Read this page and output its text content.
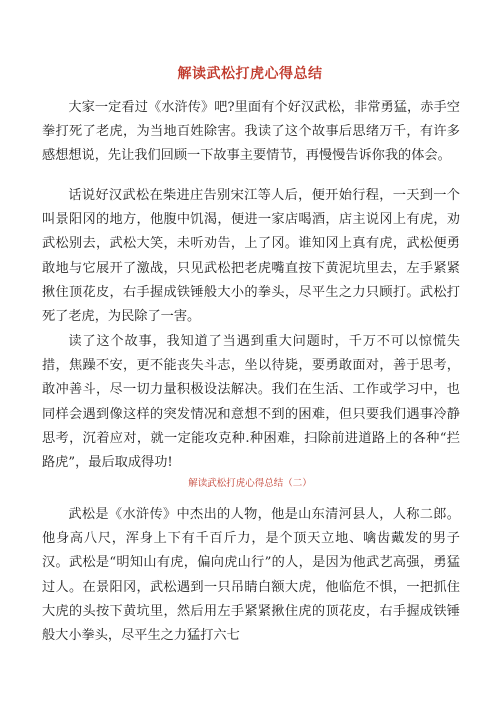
解读武松打虎心得总结

大家一定看过《水浒传》吧?里面有个好汉武松，非常勇猛，赤手空拳打死了老虎，为当地百姓除害。我读了这个故事后思绪万千，有许多感想想说，先让我们回顾一下故事主要情节，再慢慢告诉你我的体会。

话说好汉武松在柴进庄告别宋江等人后，便开始行程，一天到一个叫景阳冈的地方，他腹中饥渴，便进一家店喝酒，店主说冈上有虎，劝武松别去，武松大笑，未听劝告，上了冈。谁知冈上真有虎，武松便勇敢地与它展开了激战，只见武松把老虎嘴直按下黄泥坑里去，左手紧紧揪住顶花皮，右手握成铁锤般大小的拳头，尽平生之力只顾打。武松打死了老虎，为民除了一害。

读了这个故事，我知道了当遇到重大问题时，千万不可以惊慌失措，焦躁不安，更不能丧失斗志，坐以待毙，要勇敢面对，善于思考，敢冲善斗，尽一切力量积极设法解决。我们在生活、工作或学习中，也同样会遇到像这样的突发情况和意想不到的困难，但只要我们遇事冷静思考，沉着应对，就一定能攻克种.种困难，扫除前进道路上的各种“拦路虎”，最后取成得功!

解读武松打虎心得总结（二）

武松是《水浒传》中杰出的人物，他是山东清河县人，人称二郎。他身高八尺，浑身上下有千百斤力，是个顶天立地、噙齿戴发的男子汉。武松是“明知山有虎，偏向虎山行”的人，是因为他武艺高强，勇猛过人。在景阳冈，武松遇到一只吊睛白额大虎，他临危不惧，一把抓住大虎的头按下黄坑里，然后用左手紧紧揪住虎的顶花皮，右手握成铁锤般大小拳头，尽平生之力猛打六七
